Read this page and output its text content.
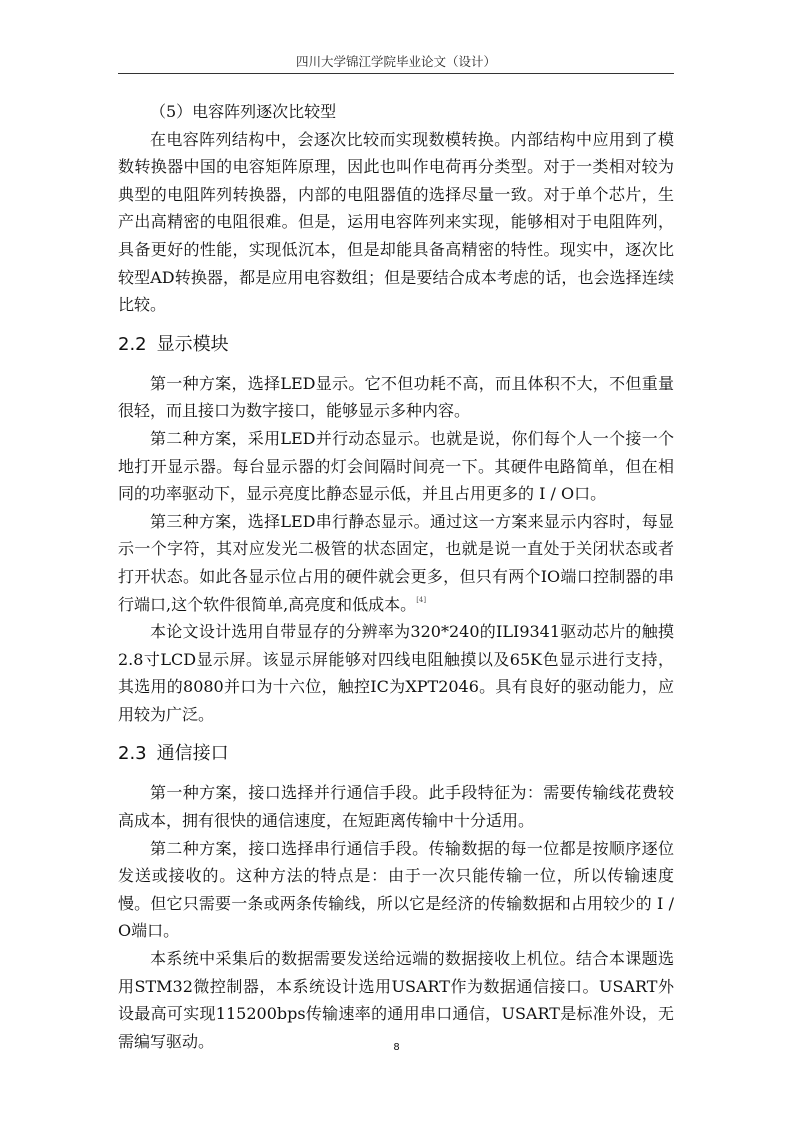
四川大学锦江学院毕业论文（设计）

（5）电容阵列逐次比较型

在电容阵列结构中，会逐次比较而实现数模转换。内部结构中应用到了模数转换器中国的电容矩阵原理，因此也叫作电荷再分类型。对于一类相对较为典型的电阻阵列转换器，内部的电阻器值的选择尽量一致。对于单个芯片，生产出高精密的电阻很难。但是，运用电容阵列来实现，能够相对于电阻阵列，具备更好的性能，实现低沉本，但是却能具备高精密的特性。现实中，逐次比较型AD转换器，都是应用电容数组；但是要结合成本考虑的话，也会选择连续比较。

2.2 显示模块

第一种方案，选择LED显示。它不但功耗不高，而且体积不大，不但重量很轻，而且接口为数字接口，能够显示多种内容。

第二种方案，采用LED并行动态显示。也就是说，你们每个人一个接一个地打开显示器。每台显示器的灯会间隔时间亮一下。其硬件电路简单，但在相同的功率驱动下，显示亮度比静态显示低，并且占用更多的 I / O口。

第三种方案，选择LED串行静态显示。通过这一方案来显示内容时，每显示一个字符，其对应发光二极管的状态固定，也就是说一直处于关闭状态或者打开状态。如此各显示位占用的硬件就会更多，但只有两个IO端口控制器的串行端口,这个软件很简单,高亮度和低成本。[4]

本论文设计选用自带显存的分辨率为320*240的ILI9341驱动芯片的触摸2.8寸LCD显示屏。该显示屏能够对四线电阻触摸以及65K色显示进行支持，其选用的8080并口为十六位，触控IC为XPT2046。具有良好的驱动能力，应用较为广泛。

2.3 通信接口

第一种方案，接口选择并行通信手段。此手段特征为：需要传输线花费较高成本，拥有很快的通信速度，在短距离传输中十分适用。

第二种方案，接口选择串行通信手段。传输数据的每一位都是按顺序逐位发送或接收的。这种方法的特点是：由于一次只能传输一位，所以传输速度慢。但它只需要一条或两条传输线，所以它是经济的传输数据和占用较少的 I / O端口。

本系统中采集后的数据需要发送给远端的数据接收上机位。结合本课题选用STM32微控制器，本系统设计选用USART作为数据通信接口。USART外设最高可实现115200bps传输速率的通用串口通信，USART是标准外设，无需编写驱动。	8
